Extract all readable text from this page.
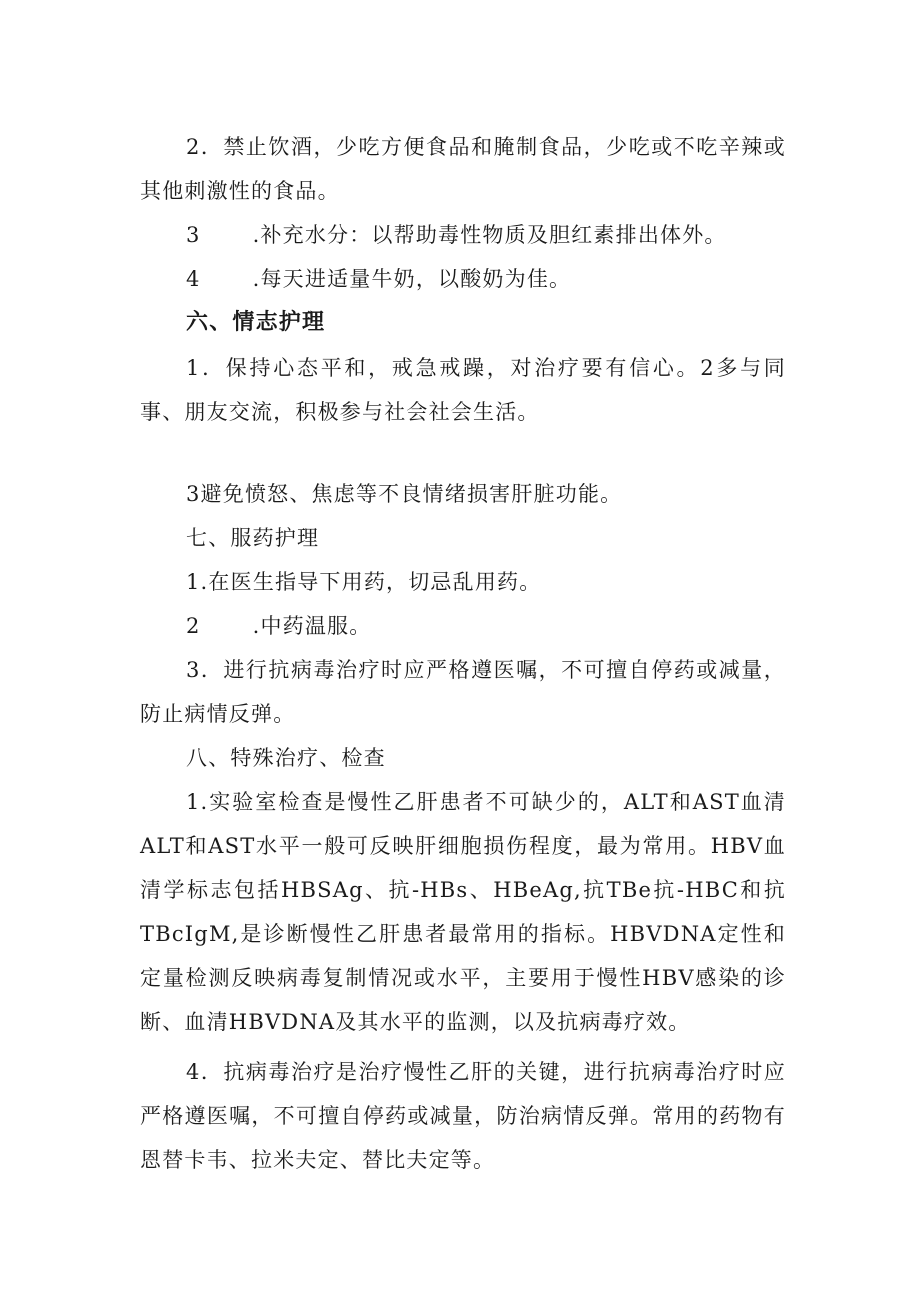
2．禁止饮酒，少吃方便食品和腌制食品，少吃或不吃辛辣或其他刺激性的食品。

3 .补充水分：以帮助毒性物质及胆红素排出体外。

4 .每天进适量牛奶，以酸奶为佳。

六、情志护理

1．保持心态平和，戒急戒躁，对治疗要有信心。2多与同事、朋友交流，积极参与社会社会生活。

3避免愤怒、焦虑等不良情绪损害肝脏功能。

七、服药护理

1.在医生指导下用药，切忌乱用药。

2 .中药温服。

3．进行抗病毒治疗时应严格遵医嘱，不可擅自停药或减量，防止病情反弹。

八、特殊治疗、检查

1.实验室检查是慢性乙肝患者不可缺少的，ALT和AST血清ALT和AST水平一般可反映肝细胞损伤程度，最为常用。HBV血清学标志包括HBSAg、抗-HBs、HBeAg,抗TBe抗-HBC和抗TBcIgM,是诊断慢性乙肝患者最常用的指标。HBVDNA定性和定量检测反映病毒复制情况或水平，主要用于慢性HBV感染的诊断、血清HBVDNA及其水平的监测，以及抗病毒疗效。

4．抗病毒治疗是治疗慢性乙肝的关键，进行抗病毒治疗时应严格遵医嘱，不可擅自停药或减量，防治病情反弹。常用的药物有恩替卡韦、拉米夫定、替比夫定等。
